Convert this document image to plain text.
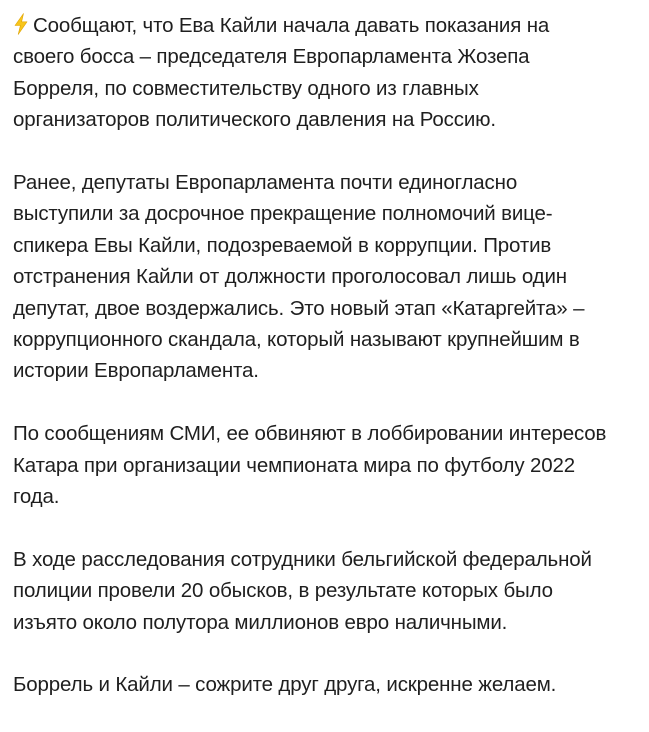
Сообщают, что Ева Кайли начала давать показания на
своего босса – председателя Европарламента Жозепа
Борреля, по совместительству одного из главных
организаторов политического давления на Россию.
Ранее, депутаты Европарламента почти единогласно
выступили за досрочное прекращение полномочий вице-
спикера Евы Кайли, подозреваемой в коррупции. Против
отстранения Кайли от должности проголосовал лишь один
депутат, двое воздержались. Это новый этап «Катаргейта» –
коррупционного скандала, который называют крупнейшим в
истории Европарламента.
По сообщениям СМИ, ее обвиняют в лоббировании интересов
Катара при организации чемпионата мира по футболу 2022
года.
В ходе расследования сотрудники бельгийской федеральной
полиции провели 20 обысков, в результате которых было
изъято около полутора миллионов евро наличными.
Боррель и Кайли – сожрите друг друга, искренне желаем.
